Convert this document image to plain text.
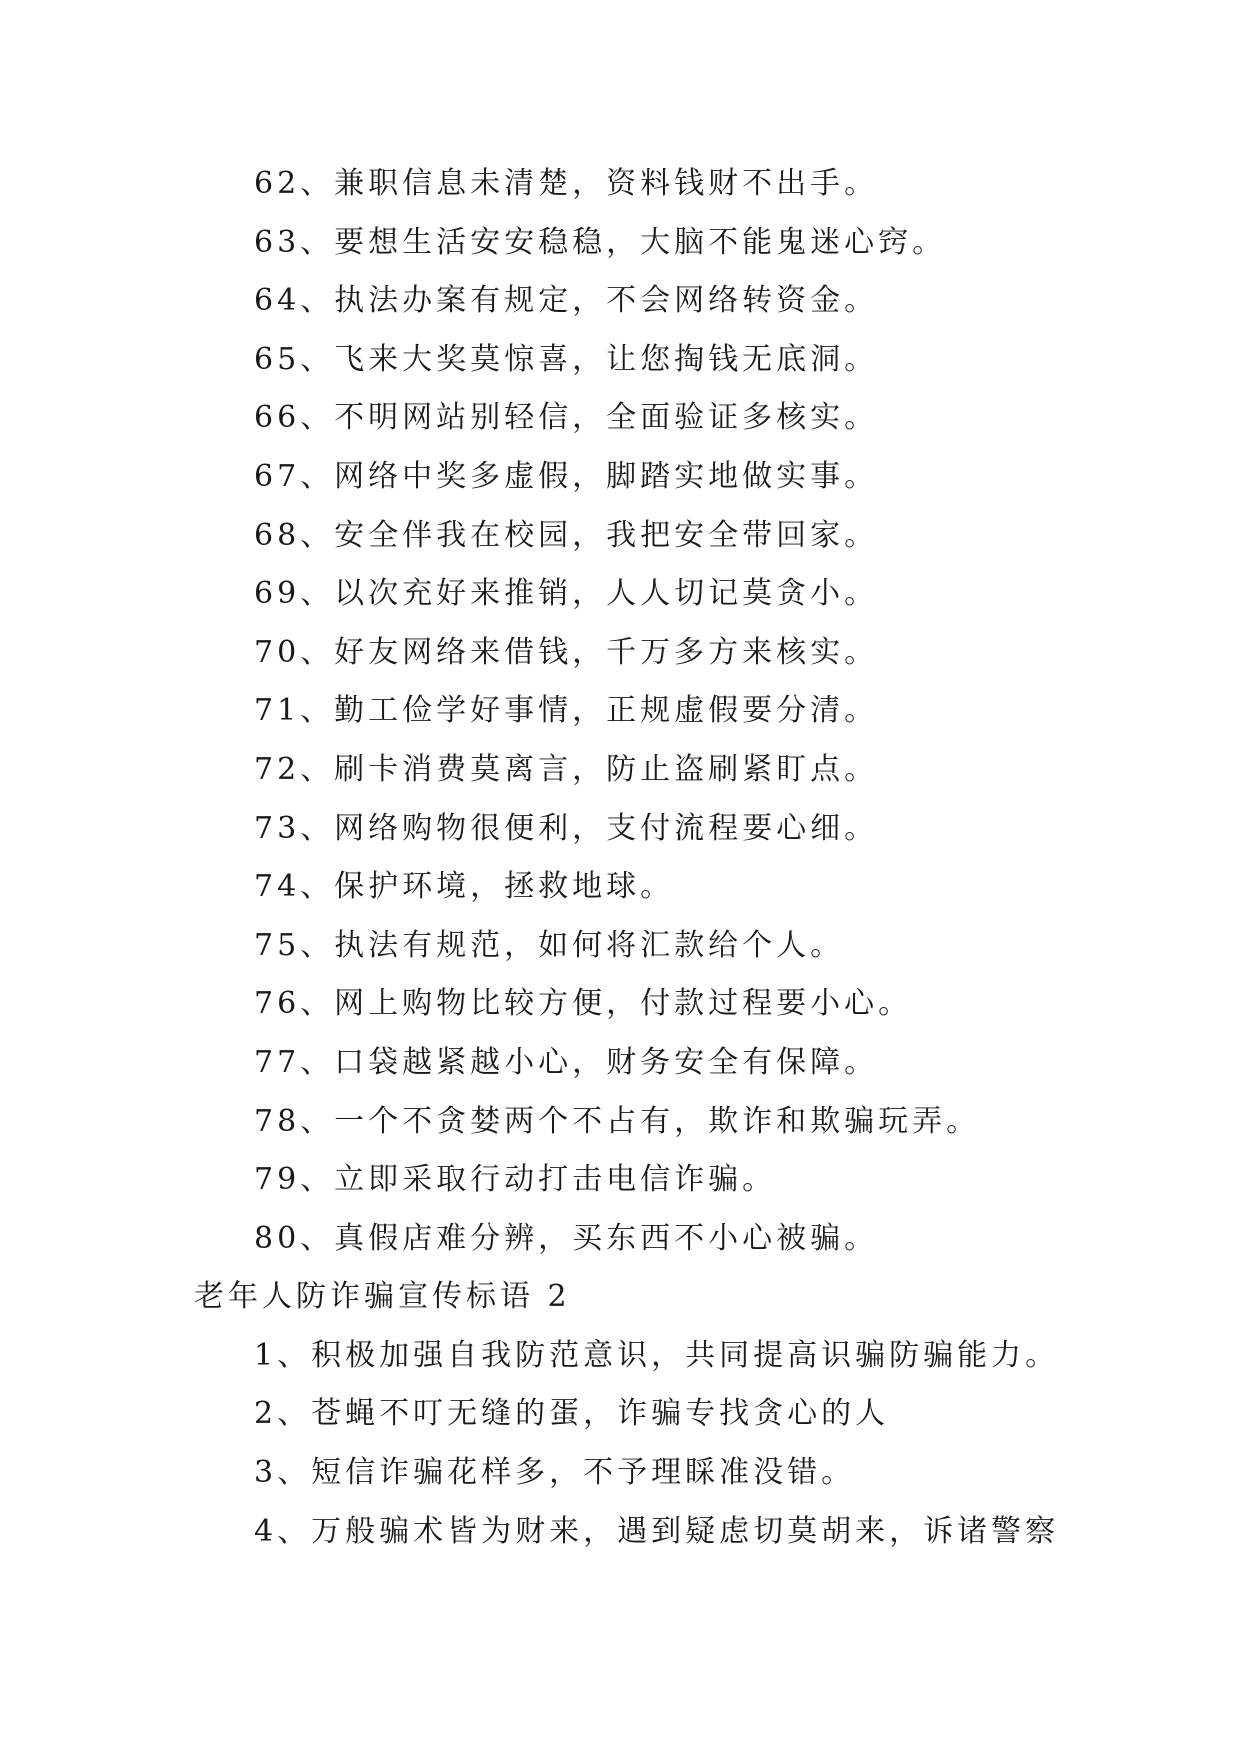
62、兼职信息未清楚，资料钱财不出手。
63、要想生活安安稳稳，大脑不能鬼迷心窍。
64、执法办案有规定，不会网络转资金。
65、飞来大奖莫惊喜，让您掏钱无底洞。
66、不明网站别轻信，全面验证多核实。
67、网络中奖多虚假，脚踏实地做实事。
68、安全伴我在校园，我把安全带回家。
69、以次充好来推销，人人切记莫贪小。
70、好友网络来借钱，千万多方来核实。
71、勤工俭学好事情，正规虚假要分清。
72、刷卡消费莫离言，防止盗刷紧盯点。
73、网络购物很便利，支付流程要心细。
74、保护环境，拯救地球。
75、执法有规范，如何将汇款给个人。
76、网上购物比较方便，付款过程要小心。
77、口袋越紧越小心，财务安全有保障。
78、一个不贪婪两个不占有，欺诈和欺骗玩弄。
79、立即采取行动打击电信诈骗。
80、真假店难分辨，买东西不小心被骗。
老年人防诈骗宣传标语 2
1、积极加强自我防范意识，共同提高识骗防骗能力。
2、苍蝇不叮无缝的蛋，诈骗专找贪心的人
3、短信诈骗花样多，不予理睬准没错。
4、万般骗术皆为财来，遇到疑虑切莫胡来，诉诸警察
